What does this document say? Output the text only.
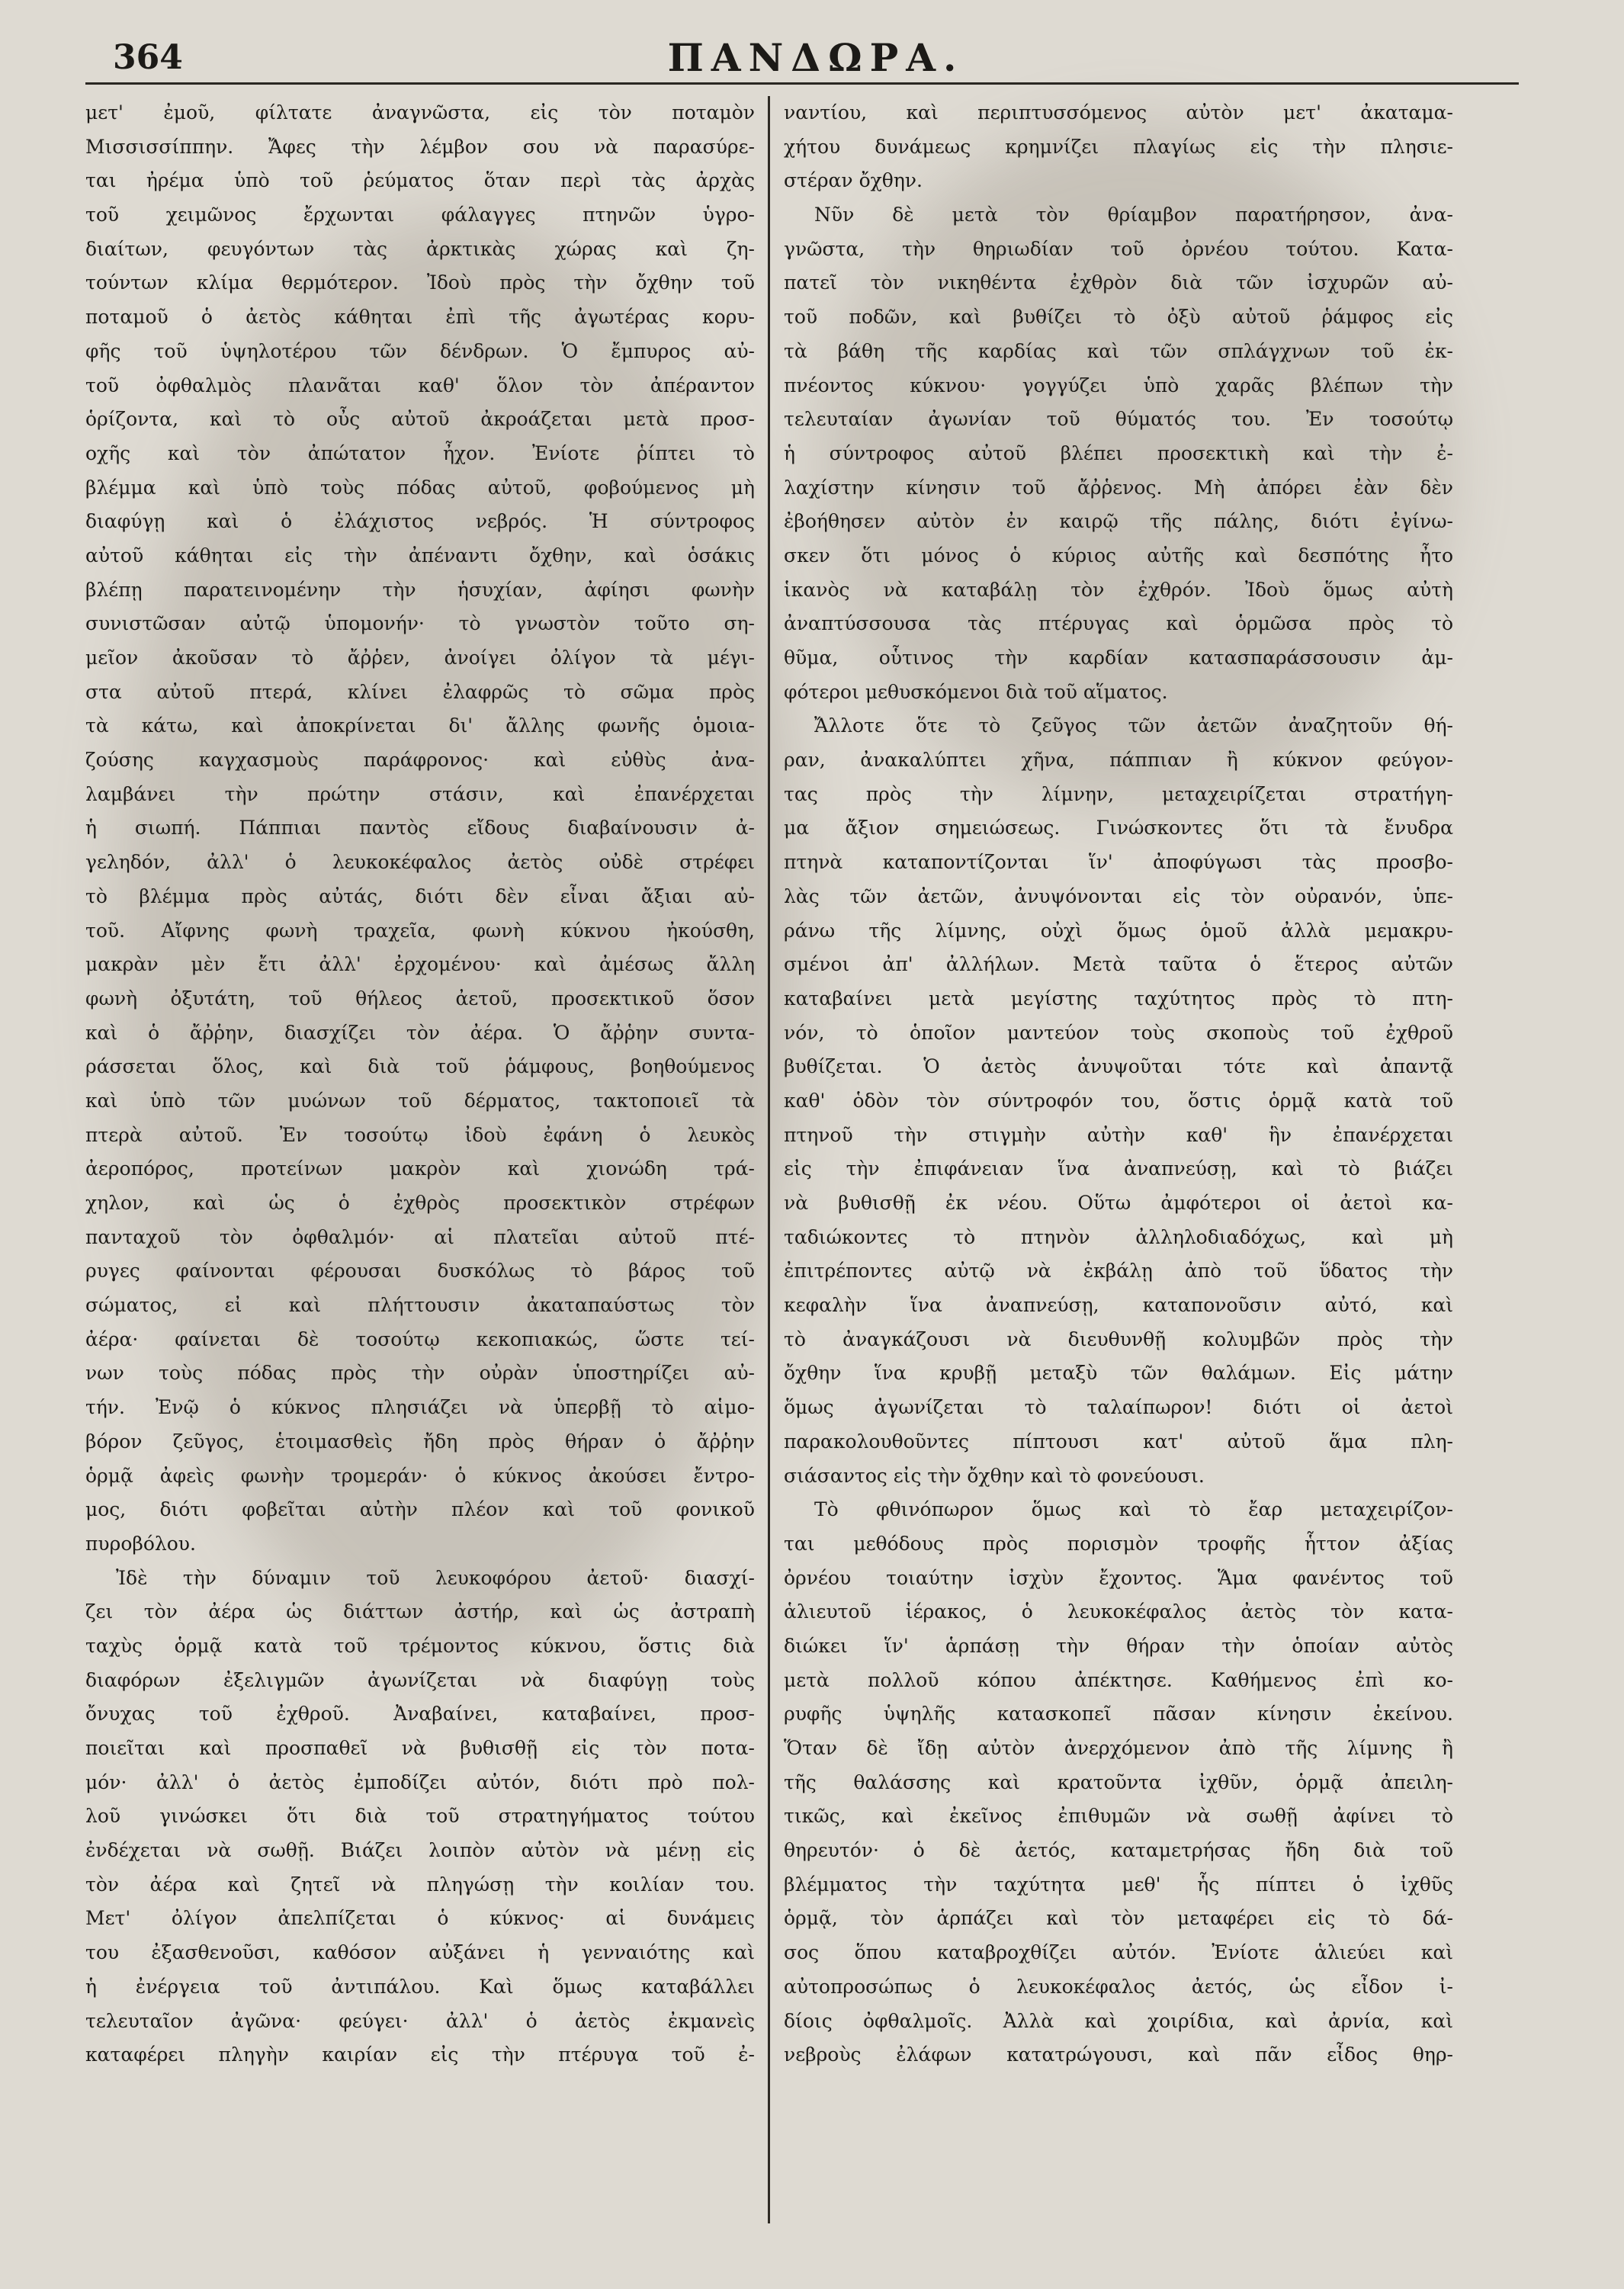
364	ΠΑΝΔΩΡΑ.
μετ' ἐμοῦ, φίλτατε ἀναγνῶστα, εἰς τὸν ποταμὸν
Μισσισσίππην. Ἄφες τὴν λέμβον σου νὰ παρασύρε-
ται ἠρέμα ὑπὸ τοῦ ῥεύματος ὅταν περὶ τὰς ἀρχὰς
τοῦ χειμῶνος ἔρχωνται φάλαγγες πτηνῶν ὑγρο-
διαίτων, φευγόντων τὰς ἀρκτικὰς χώρας καὶ ζη-
τούντων κλίμα θερμότερον. Ἰδοὺ πρὸς τὴν ὄχθην τοῦ
ποταμοῦ ὁ ἀετὸς κάθηται ἐπὶ τῆς ἀγωτέρας κορυ-
φῆς τοῦ ὑψηλοτέρου τῶν δένδρων. Ὁ ἔμπυρος αὐ-
τοῦ ὀφθαλμὸς πλανᾶται καθ' ὅλον τὸν ἀπέραντον
ὁρίζοντα, καὶ τὸ οὖς αὐτοῦ ἀκροάζεται μετὰ προσ-
οχῆς καὶ τὸν ἀπώτατον ἦχον. Ἐνίοτε ῥίπτει τὸ
βλέμμα καὶ ὑπὸ τοὺς πόδας αὐτοῦ, φοβούμενος μὴ
διαφύγῃ καὶ ὁ ἐλάχιστος νεβρός. Ἡ σύντροφος
αὐτοῦ κάθηται εἰς τὴν ἀπέναντι ὄχθην, καὶ ὁσάκις
βλέπῃ παρατεινομένην τὴν ἡσυχίαν, ἀφίησι φωνὴν
συνιστῶσαν αὐτῷ ὑπομονήν· τὸ γνωστὸν τοῦτο ση-
μεῖον ἀκοῦσαν τὸ ἄῤῥεν, ἀνοίγει ὀλίγον τὰ μέγι-
στα αὐτοῦ πτερά, κλίνει ἐλαφρῶς τὸ σῶμα πρὸς
τὰ κάτω, καὶ ἀποκρίνεται δι' ἄλλης φωνῆς ὁμοια-
ζούσης καγχασμοὺς παράφρονος· καὶ εὐθὺς ἀνα-
λαμβάνει τὴν πρώτην στάσιν, καὶ ἐπανέρχεται
ἡ σιωπή. Πάππιαι παντὸς εἴδους διαβαίνουσιν ἀ-
γεληδόν, ἀλλ' ὁ λευκοκέφαλος ἀετὸς οὐδὲ στρέφει
τὸ βλέμμα πρὸς αὐτάς, διότι δὲν εἶναι ἄξιαι αὐ-
τοῦ. Αἴφνης φωνὴ τραχεῖα, φωνὴ κύκνου ἠκούσθη,
μακρὰν μὲν ἔτι ἀλλ' ἐρχομένου· καὶ ἀμέσως ἄλλη
φωνὴ ὀξυτάτη, τοῦ θήλεος ἀετοῦ, προσεκτικοῦ ὅσον
καὶ ὁ ἄῤῥην, διασχίζει τὸν ἀέρα. Ὁ ἄῤῥην συντα-
ράσσεται ὅλος, καὶ διὰ τοῦ ῥάμφους, βοηθούμενος
καὶ ὑπὸ τῶν μυώνων τοῦ δέρματος, τακτοποιεῖ τὰ
πτερὰ αὐτοῦ. Ἐν τοσούτῳ ἰδοὺ ἐφάνη ὁ λευκὸς
ἀεροπόρος, προτείνων μακρὸν καὶ χιονώδη τρά-
χηλον, καὶ ὡς ὁ ἐχθρὸς προσεκτικὸν στρέφων
πανταχοῦ τὸν ὀφθαλμόν· αἱ πλατεῖαι αὐτοῦ πτέ-
ρυγες φαίνονται φέρουσαι δυσκόλως τὸ βάρος τοῦ
σώματος, εἰ καὶ πλήττουσιν ἀκαταπαύστως τὸν
ἀέρα· φαίνεται δὲ τοσούτῳ κεκοπιακώς, ὥστε τεί-
νων τοὺς πόδας πρὸς τὴν οὐρὰν ὑποστηρίζει αὐ-
τήν. Ἐνῷ ὁ κύκνος πλησιάζει νὰ ὑπερβῇ τὸ αἱμο-
βόρον ζεῦγος, ἑτοιμασθεὶς ἤδη πρὸς θήραν ὁ ἄῤῥην
ὁρμᾷ ἀφεὶς φωνὴν τρομεράν· ὁ κύκνος ἀκούσει ἔντρο-
μος, διότι φοβεῖται αὐτὴν πλέον καὶ τοῦ φονικοῦ
πυροβόλου.
Ἰδὲ τὴν δύναμιν τοῦ λευκοφόρου ἀετοῦ· διασχί-
ζει τὸν ἀέρα ὡς διάττων ἀστήρ, καὶ ὡς ἀστραπὴ
ταχὺς ὁρμᾷ κατὰ τοῦ τρέμοντος κύκνου, ὅστις διὰ
διαφόρων ἐξελιγμῶν ἀγωνίζεται νὰ διαφύγῃ τοὺς
ὄνυχας τοῦ ἐχθροῦ. Ἀναβαίνει, καταβαίνει, προσ-
ποιεῖται καὶ προσπαθεῖ νὰ βυθισθῇ εἰς τὸν ποτα-
μόν· ἀλλ' ὁ ἀετὸς ἐμποδίζει αὐτόν, διότι πρὸ πολ-
λοῦ γινώσκει ὅτι διὰ τοῦ στρατηγήματος τούτου
ἐνδέχεται νὰ σωθῇ. Βιάζει λοιπὸν αὐτὸν νὰ μένῃ εἰς
τὸν ἀέρα καὶ ζητεῖ νὰ πληγώσῃ τὴν κοιλίαν του.
Μετ' ὀλίγον ἀπελπίζεται ὁ κύκνος· αἱ δυνάμεις
του ἐξασθενοῦσι, καθόσον αὐξάνει ἡ γενναιότης καὶ
ἡ ἐνέργεια τοῦ ἀντιπάλου. Καὶ ὅμως καταβάλλει
τελευταῖον ἀγῶνα· φεύγει· ἀλλ' ὁ ἀετὸς ἐκμανεὶς
καταφέρει πληγὴν καιρίαν εἰς τὴν πτέρυγα τοῦ ἐ-
ναντίου, καὶ περιπτυσσόμενος αὐτὸν μετ' ἀκαταμα-
χήτου δυνάμεως κρημνίζει πλαγίως εἰς τὴν πλησιε-
στέραν ὄχθην.
Νῦν δὲ μετὰ τὸν θρίαμβον παρατήρησον, ἀνα-
γνῶστα, τὴν θηριωδίαν τοῦ ὀρνέου τούτου. Κατα-
πατεῖ τὸν νικηθέντα ἐχθρὸν διὰ τῶν ἰσχυρῶν αὐ-
τοῦ ποδῶν, καὶ βυθίζει τὸ ὀξὺ αὐτοῦ ῥάμφος εἰς
τὰ βάθη τῆς καρδίας καὶ τῶν σπλάγχνων τοῦ ἐκ-
πνέοντος κύκνου· γογγύζει ὑπὸ χαρᾶς βλέπων τὴν
τελευταίαν ἀγωνίαν τοῦ θύματός του. Ἐν τοσούτῳ
ἡ σύντροφος αὐτοῦ βλέπει προσεκτικὴ καὶ τὴν ἐ-
λαχίστην κίνησιν τοῦ ἄῤῥενος. Μὴ ἀπόρει ἐὰν δὲν
ἐβοήθησεν αὐτὸν ἐν καιρῷ τῆς πάλης, διότι ἐγίνω-
σκεν ὅτι μόνος ὁ κύριος αὐτῆς καὶ δεσπότης ἦτο
ἱκανὸς νὰ καταβάλῃ τὸν ἐχθρόν. Ἰδοὺ ὅμως αὐτὴ
ἀναπτύσσουσα τὰς πτέρυγας καὶ ὁρμῶσα πρὸς τὸ
θῦμα, οὗτινος τὴν καρδίαν κατασπαράσσουσιν ἀμ-
φότεροι μεθυσκόμενοι διὰ τοῦ αἵματος.
Ἄλλοτε ὅτε τὸ ζεῦγος τῶν ἀετῶν ἀναζητοῦν θή-
ραν, ἀνακαλύπτει χῆνα, πάππιαν ἢ κύκνον φεύγον-
τας πρὸς τὴν λίμνην, μεταχειρίζεται στρατήγη-
μα ἄξιον σημειώσεως. Γινώσκοντες ὅτι τὰ ἔνυδρα
πτηνὰ καταποντίζονται ἵν' ἀποφύγωσι τὰς προσβο-
λὰς τῶν ἀετῶν, ἀνυψόνονται εἰς τὸν οὐρανόν, ὑπε-
ράνω τῆς λίμνης, οὐχὶ ὅμως ὁμοῦ ἀλλὰ μεμακρυ-
σμένοι ἀπ' ἀλλήλων. Μετὰ ταῦτα ὁ ἕτερος αὐτῶν
καταβαίνει μετὰ μεγίστης ταχύτητος πρὸς τὸ πτη-
νόν, τὸ ὁποῖον μαντεύον τοὺς σκοποὺς τοῦ ἐχθροῦ
βυθίζεται. Ὁ ἀετὸς ἀνυψοῦται τότε καὶ ἀπαντᾷ
καθ' ὁδὸν τὸν σύντροφόν του, ὅστις ὁρμᾷ κατὰ τοῦ
πτηνοῦ τὴν στιγμὴν αὐτὴν καθ' ἣν ἐπανέρχεται
εἰς τὴν ἐπιφάνειαν ἵνα ἀναπνεύσῃ, καὶ τὸ βιάζει
νὰ βυθισθῇ ἐκ νέου. Οὕτω ἀμφότεροι οἱ ἀετοὶ κα-
ταδιώκοντες τὸ πτηνὸν ἀλληλοδιαδόχως, καὶ μὴ
ἐπιτρέποντες αὐτῷ νὰ ἐκβάλῃ ἀπὸ τοῦ ὕδατος τὴν
κεφαλὴν ἵνα ἀναπνεύσῃ, καταπονοῦσιν αὐτό, καὶ
τὸ ἀναγκάζουσι νὰ διευθυνθῇ κολυμβῶν πρὸς τὴν
ὄχθην ἵνα κρυβῇ μεταξὺ τῶν θαλάμων. Εἰς μάτην
ὅμως ἀγωνίζεται τὸ ταλαίπωρον! διότι οἱ ἀετοὶ
παρακολουθοῦντες πίπτουσι κατ' αὐτοῦ ἅμα πλη-
σιάσαντος εἰς τὴν ὄχθην καὶ τὸ φονεύουσι.
Τὸ φθινόπωρον ὅμως καὶ τὸ ἔαρ μεταχειρίζον-
ται μεθόδους πρὸς πορισμὸν τροφῆς ἧττον ἀξίας
ὀρνέου τοιαύτην ἰσχὺν ἔχοντος. Ἅμα φανέντος τοῦ
ἁλιευτοῦ ἱέρακος, ὁ λευκοκέφαλος ἀετὸς τὸν κατα-
διώκει ἵν' ἁρπάσῃ τὴν θήραν τὴν ὁποίαν αὐτὸς
μετὰ πολλοῦ κόπου ἀπέκτησε. Καθήμενος ἐπὶ κο-
ρυφῆς ὑψηλῆς κατασκοπεῖ πᾶσαν κίνησιν ἐκείνου.
Ὅταν δὲ ἴδῃ αὐτὸν ἀνερχόμενον ἀπὸ τῆς λίμνης ἢ
τῆς θαλάσσης καὶ κρατοῦντα ἰχθῦν, ὁρμᾷ ἀπειλη-
τικῶς, καὶ ἐκεῖνος ἐπιθυμῶν νὰ σωθῇ ἀφίνει τὸ
θηρευτόν· ὁ δὲ ἀετός, καταμετρήσας ἤδη διὰ τοῦ
βλέμματος τὴν ταχύτητα μεθ' ἧς πίπτει ὁ ἰχθῦς
ὁρμᾷ, τὸν ἁρπάζει καὶ τὸν μεταφέρει εἰς τὸ δά-
σος ὅπου καταβροχθίζει αὐτόν. Ἐνίοτε ἁλιεύει καὶ
αὐτοπροσώπως ὁ λευκοκέφαλος ἀετός, ὡς εἶδον ἰ-
δίοις ὀφθαλμοῖς. Ἀλλὰ καὶ χοιρίδια, καὶ ἀρνία, καὶ
νεβροὺς ἐλάφων κατατρώγουσι, καὶ πᾶν εἶδος θηρ-
